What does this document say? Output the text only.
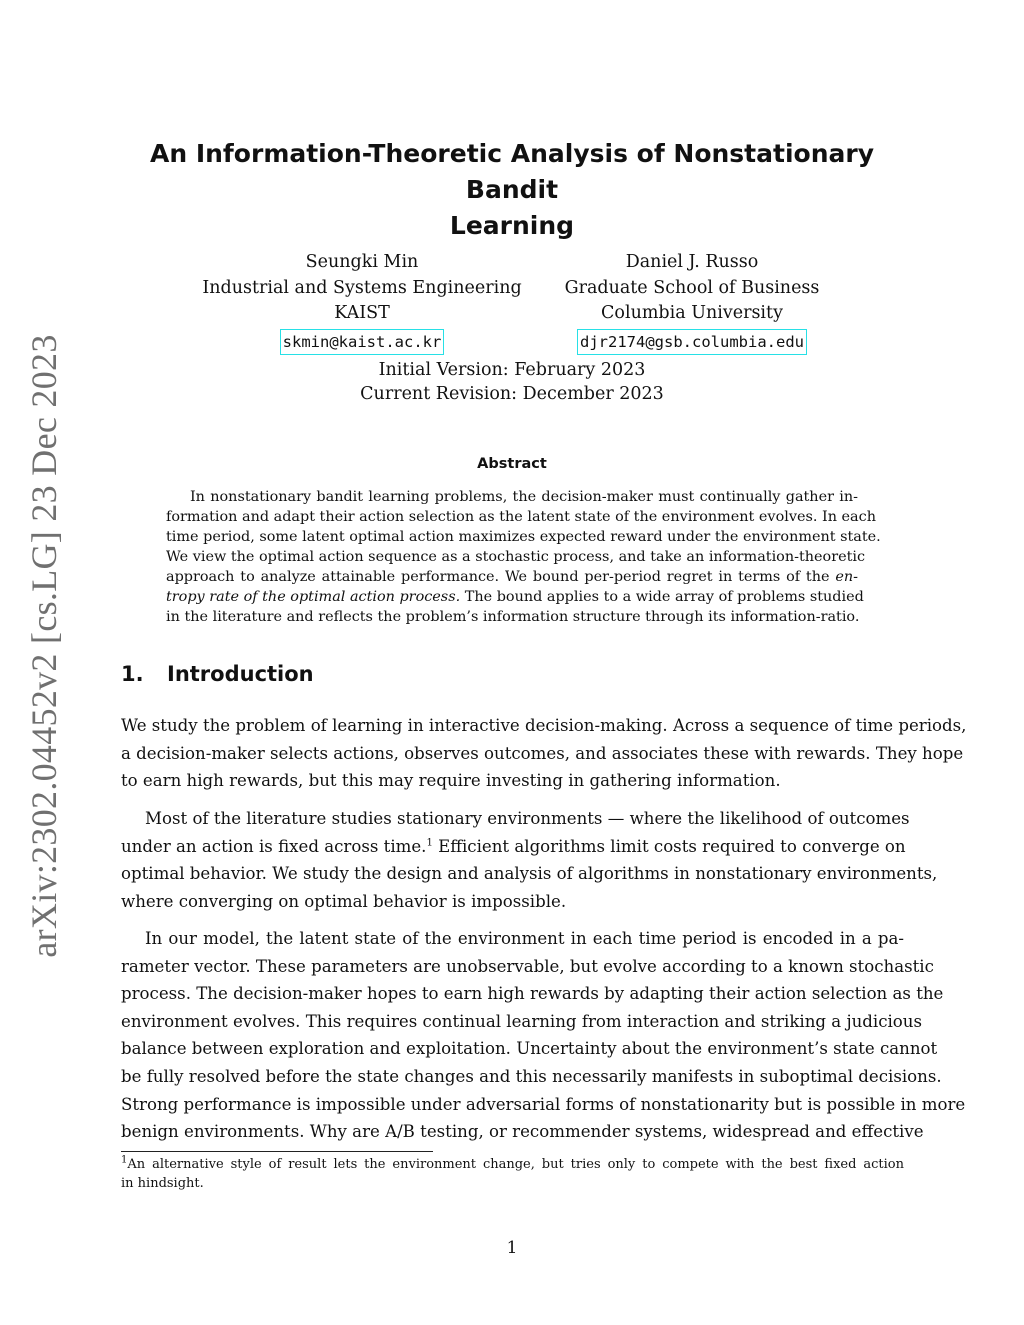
arXiv:2302.04452v2 [cs.LG] 23 Dec 2023
An Information-Theoretic Analysis of Nonstationary Bandit
Learning
Seungki Min
Industrial and Systems Engineering
KAIST
skmin@kaist.ac.kr
Daniel J. Russo
Graduate School of Business
Columbia University
djr2174@gsb.columbia.edu
Initial Version: February 2023
Current Revision: December 2023
Abstract
In nonstationary bandit learning problems, the decision-maker must continually gather in-
formation and adapt their action selection as the latent state of the environment evolves. In each
time period, some latent optimal action maximizes expected reward under the environment state.
We view the optimal action sequence as a stochastic process, and take an information-theoretic
approach to analyze attainable performance. We bound per-period regret in terms of the en-
tropy rate of the optimal action process. The bound applies to a wide array of problems studied
in the literature and reflects the problem’s information structure through its information-ratio.
1. Introduction
We study the problem of learning in interactive decision-making. Across a sequence of time periods,
a decision-maker selects actions, observes outcomes, and associates these with rewards. They hope
to earn high rewards, but this may require investing in gathering information.
Most of the literature studies stationary environments — where the likelihood of outcomes
under an action is fixed across time.$^1$ Efficient algorithms limit costs required to converge on
optimal behavior. We study the design and analysis of algorithms in nonstationary environments,
where converging on optimal behavior is impossible.
In our model, the latent state of the environment in each time period is encoded in a pa-
rameter vector. These parameters are unobservable, but evolve according to a known stochastic
process. The decision-maker hopes to earn high rewards by adapting their action selection as the
environment evolves. This requires continual learning from interaction and striking a judicious
balance between exploration and exploitation. Uncertainty about the environment’s state cannot
be fully resolved before the state changes and this necessarily manifests in suboptimal decisions.
Strong performance is impossible under adversarial forms of nonstationarity but is possible in more
benign environments. Why are A/B testing, or recommender systems, widespread and effective
$^1$An alternative style of result lets the environment change, but tries only to compete with the best fixed action
in hindsight.
1
